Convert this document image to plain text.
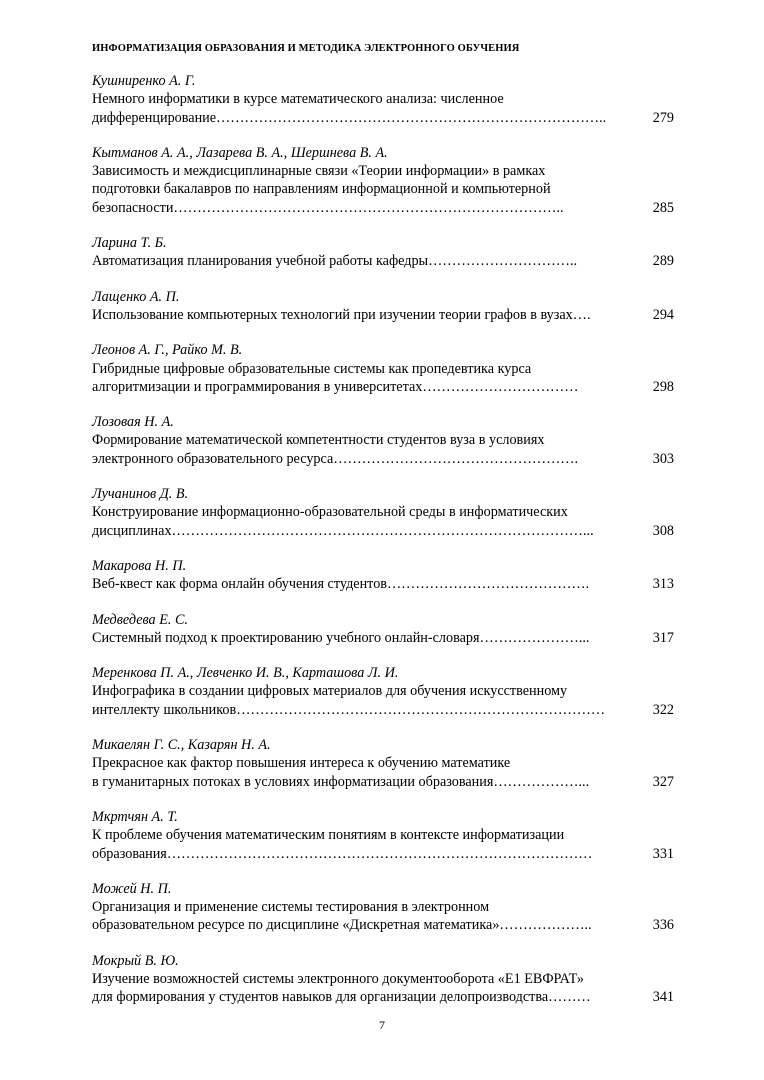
ИНФОРМАТИЗАЦИЯ ОБРАЗОВАНИЯ И МЕТОДИКА ЭЛЕКТРОННОГО ОБУЧЕНИЯ
Кушниренко А. Г.
Немного информатики в курсе математического анализа: численное
дифференцирование………………………………………………………………………..	279
Кытманов А. А., Лазарева В. А., Шершнева В. А.
Зависимость и междисциплинарные связи «Теории информации» в рамках
подготовки бакалавров по направлениям информационной и компьютерной
безопасности………………………………………………………………………..	285
Ларина Т. Б.
Автоматизация планирования учебной работы кафедры…………………………..	289
Лащенко А. П.
Использование компьютерных технологий при изучении теории графов в вузах….	294
Леонов А. Г., Райко М. В.
Гибридные цифровые образовательные системы как пропедевтика курса
алгоритмизации и программирования в университетах……………………………	298
Лозовая Н. А.
Формирование математической компетентности студентов вуза в условиях
электронного образовательного ресурса…………………………………………….	303
Лучанинов Д. В.
Конструирование информационно-образовательной среды в информатических
дисциплинах……………………………………………………………………………...	308
Макарова Н. П.
Веб-квест как форма онлайн обучения студентов…………………………………….	313
Медведева Е. С.
Системный подход к проектированию учебного онлайн-словаря…………………...	317
Меренкова П. А., Левченко И. В., Карташова Л. И.
Инфографика в создании цифровых материалов для обучения искусственному
интеллекту школьников……………………………………………………………………	322
Микаелян Г. С., Казарян Н. А.
Прекрасное как фактор повышения интереса к обучению математике
в гуманитарных потоках в условиях информатизации образования………………...	327
Мкртчян А. Т.
К проблеме обучения математическим понятиям в контексте информатизации
образования………………………………………………………………………………	331
Можей Н. П.
Организация и применение системы тестирования в электронном
образовательном ресурсе по дисциплине «Дискретная математика»………………..	336
Мокрый В. Ю.
Изучение возможностей системы электронного документооборота «Е1 ЕВФРАТ»
для формирования у студентов навыков для организации делопроизводства………	341
7
